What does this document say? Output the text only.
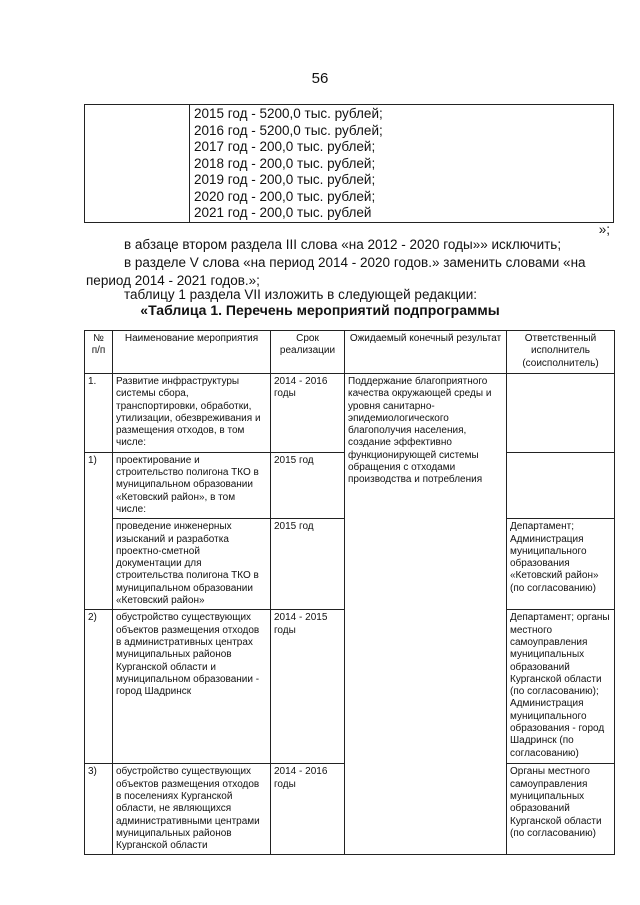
56

2015 год - 5200,0 тыс. рублей;
2016 год - 5200,0 тыс. рублей;
2017 год - 200,0 тыс. рублей;
2018 год - 200,0 тыс. рублей;
2019 год - 200,0 тыс. рублей;
2020 год - 200,0 тыс. рублей;
2021 год - 200,0 тыс. рублей
»;
в абзаце втором раздела III слова «на 2012 - 2020 годы»» исключить;
в разделе V слова «на период 2014 - 2020 годов.» заменить словами «на
период 2014 - 2021 годов.»;
таблицу 1 раздела VII изложить в следующей редакции:
«Таблица 1. Перечень мероприятий подпрограммы
№ п/п	Наименование мероприятия	Срок реализации	Ожидаемый конечный результат	Ответственный исполнитель (соисполнитель)
1.	Развитие инфраструктуры системы сбора, транспортировки, обработки, утилизации, обезвреживания и размещения отходов, в том числе:	2014 - 2016 годы	Поддержание благоприятного качества окружающей среды и уровня санитарно-эпидемиологического благополучия населения, создание эффективно функционирующей системы обращения с отходами производства и потребления	
1)	проектирование и строительство полигона ТКО в муниципальном образовании «Кетовский район», в том числе:	2015 год		
	проведение инженерных изысканий и разработка проектно-сметной документации для строительства полигона ТКО в муниципальном образовании «Кетовский район»	2015 год		Департамент; Администрация муниципального образования «Кетовский район» (по согласованию)
2)	обустройство существующих объектов размещения отходов в административных центрах муниципальных районов Курганской области и муниципальном образовании - город Шадринск	2014 - 2015 годы		Департамент; органы местного самоуправления муниципальных образований Курганской области (по согласованию); Администрация муниципального образования - город Шадринск (по согласованию)
3)	обустройство существующих объектов размещения отходов в поселениях Курганской области, не являющихся административными центрами муниципальных районов Курганской области	2014 - 2016 годы		Органы местного самоуправления муниципальных образований Курганской области (по согласованию)
